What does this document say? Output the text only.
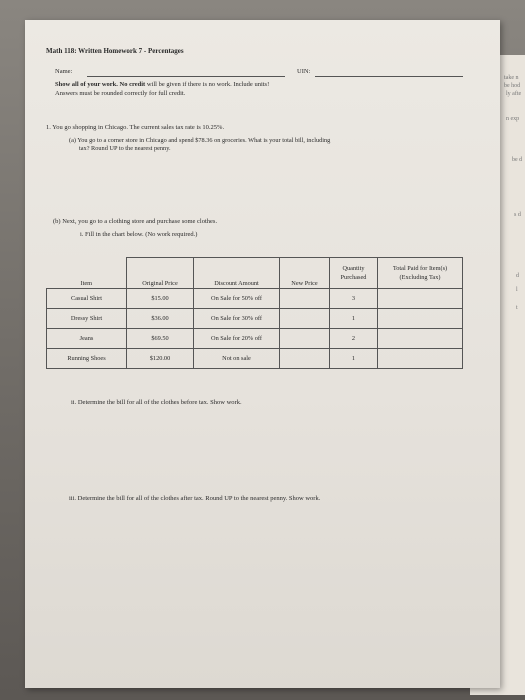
take n
be hod
ly afte
n exp
be d
s d
d
l
t
Math 118: Written Homework 7 - Percentages
Name:	UIN:
Show all of your work. No credit will be given if there is no work. Include units!
Answers must be rounded correctly for full credit.
1. You go shopping in Chicago. The current sales tax rate is 10.25%.
(a) You go to a corner store in Chicago and spend $78.36 on groceries. What is your total bill, including
tax? Round UP to the nearest penny.
(b) Next, you go to a clothing store and purchase some clothes.
i. Fill in the chart below. (No work required.)
Item	Original Price	Discount Amount	New Price	Quantity Purchased	Total Paid for Item(s) (Excluding Tax)
Casual Shirt	$15.00	On Sale for 50% off		3	
Dressy Shirt	$36.00	On Sale for 30% off		1	
Jeans	$69.50	On Sale for 20% off		2	
Running Shoes	$120.00	Not on sale		1	
ii. Determine the bill for all of the clothes before tax. Show work.
iii. Determine the bill for all of the clothes after tax. Round UP to the nearest penny. Show work.
